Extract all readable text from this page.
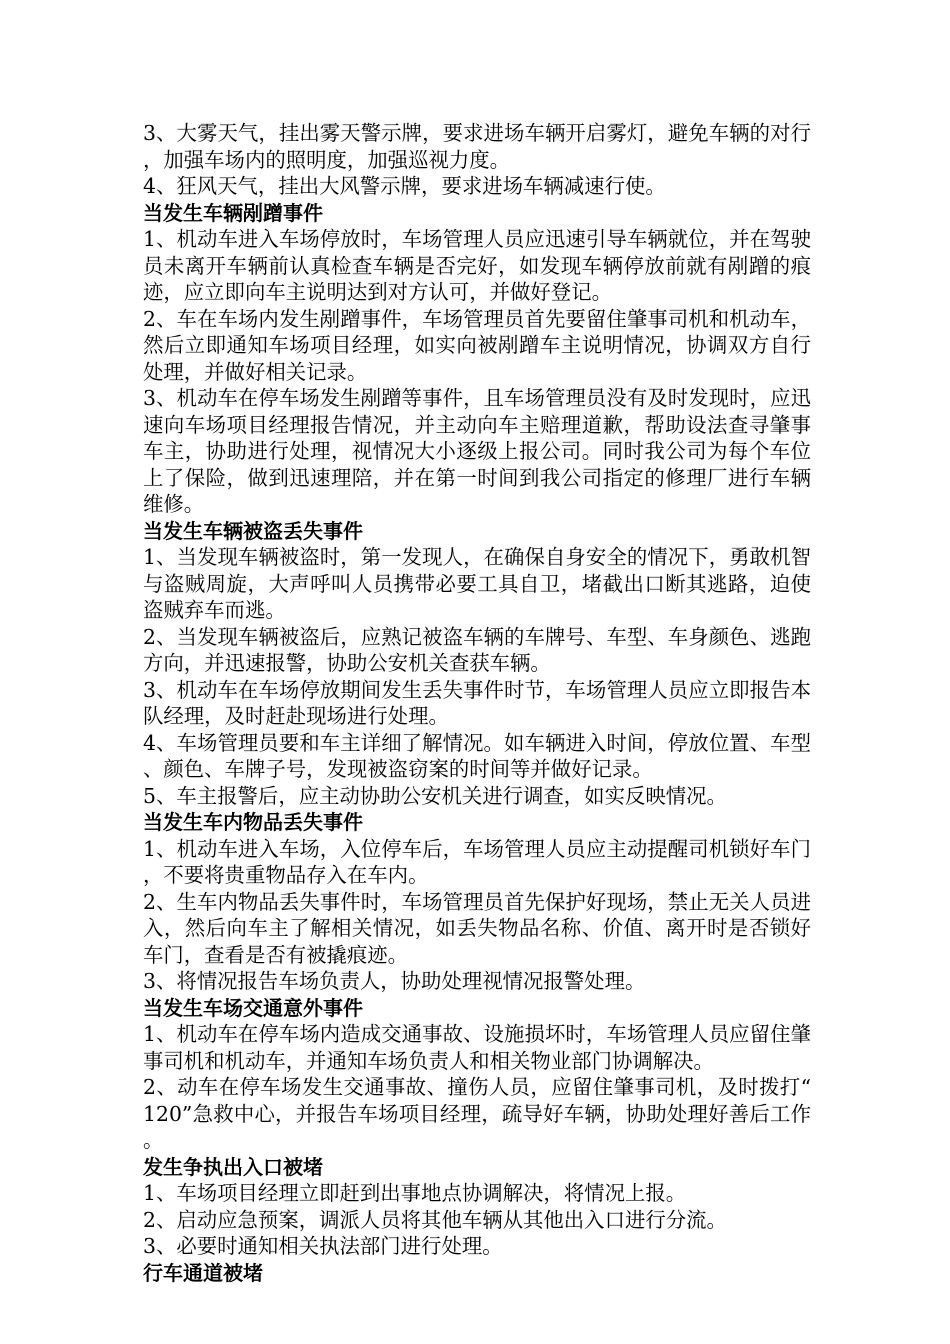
3、大雾天气，挂出雾天警示牌，要求进场车辆开启雾灯，避免车辆的对行，加强车场内的照明度，加强巡视力度。

4、狂风天气，挂出大风警示牌，要求进场车辆减速行使。

当发生车辆剐蹭事件

1、机动车进入车场停放时，车场管理人员应迅速引导车辆就位，并在驾驶员未离开车辆前认真检查车辆是否完好，如发现车辆停放前就有剐蹭的痕迹，应立即向车主说明达到对方认可，并做好登记。

2、车在车场内发生剐蹭事件，车场管理员首先要留住肇事司机和机动车，然后立即通知车场项目经理，如实向被剐蹭车主说明情况，协调双方自行处理，并做好相关记录。

3、机动车在停车场发生剐蹭等事件，且车场管理员没有及时发现时，应迅速向车场项目经理报告情况，并主动向车主赔理道歉，帮助设法查寻肇事车主，协助进行处理，视情况大小逐级上报公司。同时我公司为每个车位上了保险，做到迅速理陪，并在第一时间到我公司指定的修理厂进行车辆维修。

当发生车辆被盗丢失事件

1、当发现车辆被盗时，第一发现人，在确保自身安全的情况下，勇敢机智与盗贼周旋，大声呼叫人员携带必要工具自卫，堵截出口断其逃路，迫使盗贼弃车而逃。

2、当发现车辆被盗后，应熟记被盗车辆的车牌号、车型、车身颜色、逃跑方向，并迅速报警，协助公安机关查获车辆。

3、机动车在车场停放期间发生丢失事件时节，车场管理人员应立即报告本队经理，及时赶赴现场进行处理。

4、车场管理员要和车主详细了解情况。如车辆进入时间，停放位置、车型、颜色、车牌子号，发现被盗窃案的时间等并做好记录。

5、车主报警后，应主动协助公安机关进行调查，如实反映情况。

当发生车内物品丢失事件

1、机动车进入车场，入位停车后，车场管理人员应主动提醒司机锁好车门，不要将贵重物品存入在车内。

2、生车内物品丢失事件时，车场管理员首先保护好现场，禁止无关人员进入，然后向车主了解相关情况，如丢失物品名称、价值、离开时是否锁好车门，查看是否有被撬痕迹。

3、将情况报告车场负责人，协助处理视情况报警处理。

当发生车场交通意外事件

1、机动车在停车场内造成交通事故、设施损坏时，车场管理人员应留住肇事司机和机动车，并通知车场负责人和相关物业部门协调解决。

2、动车在停车场发生交通事故、撞伤人员，应留住肇事司机，及时拨打“120”急救中心，并报告车场项目经理，疏导好车辆，协助处理好善后工作。

发生争执出入口被堵

1、车场项目经理立即赶到出事地点协调解决，将情况上报。

2、启动应急预案，调派人员将其他车辆从其他出入口进行分流。

3、必要时通知相关执法部门进行处理。

行车通道被堵
